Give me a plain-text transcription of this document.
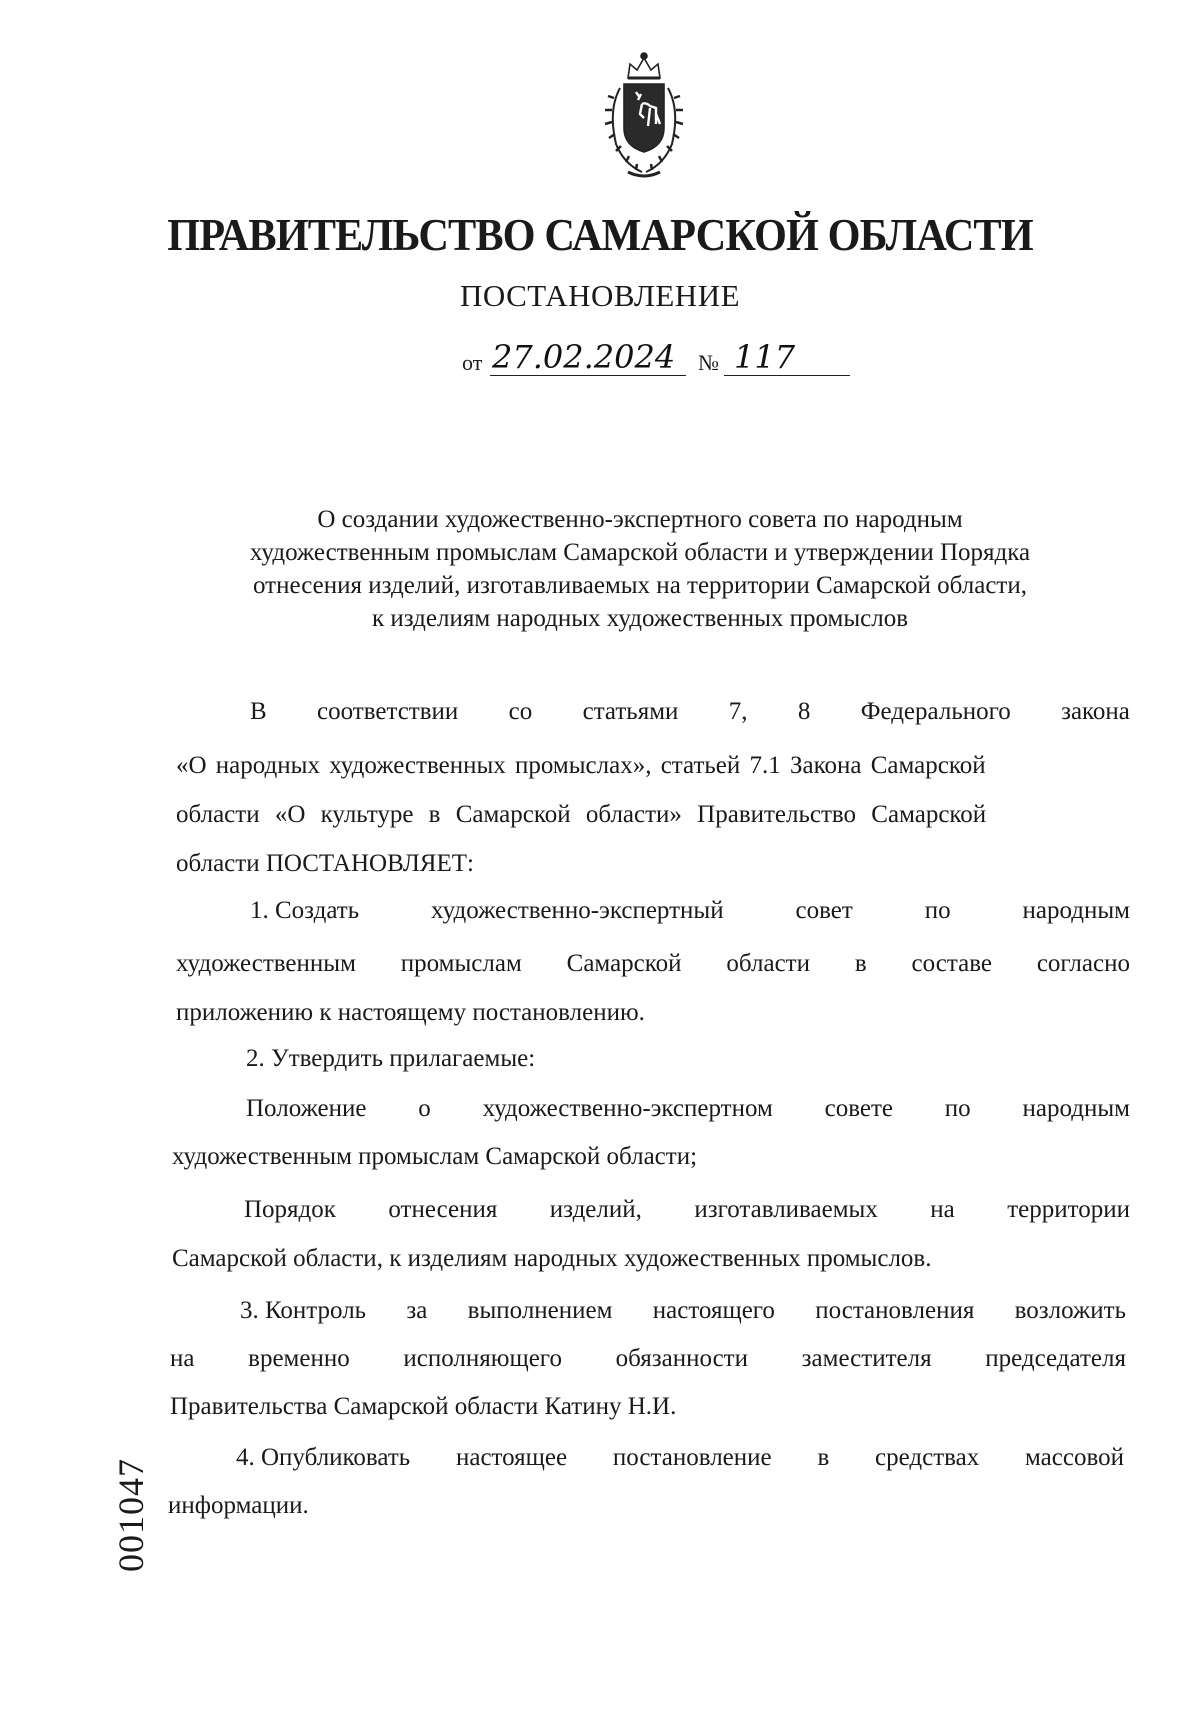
ПРАВИТЕЛЬСТВО САМАРСКОЙ ОБЛАСТИ
ПОСТАНОВЛЕНИЕ
от 27.02.2024 № 117
О создании художественно-экспертного совета по народным
художественным промыслам Самарской области и утверждении Порядка
отнесения изделий, изготавливаемых на территории Самарской области,
к изделиям народных художественных промыслов
В соответствии со статьями 7, 8 Федерального закона
«О народных художественных промыслах», статьей 7.1 Закона Самарской
области «О культуре в Самарской области» Правительство Самарской
области ПОСТАНОВЛЯЕТ:
1. Создать	художественно-экспертный	совет	по	народным
художественным промыслам Самарской области в составе согласно
приложению к настоящему постановлению.
2. Утвердить прилагаемые:
Положение о художественно-экспертном совете по народным
художественным промыслам Самарской области;
Порядок отнесения изделий, изготавливаемых на территории
Самарской области, к изделиям народных художественных промыслов.
3. Контроль за выполнением настоящего постановления возложить
на временно исполняющего обязанности заместителя председателя
Правительства Самарской области Катину Н.И.
4. Опубликовать настоящее постановление в средствах массовой
информации.
001047
